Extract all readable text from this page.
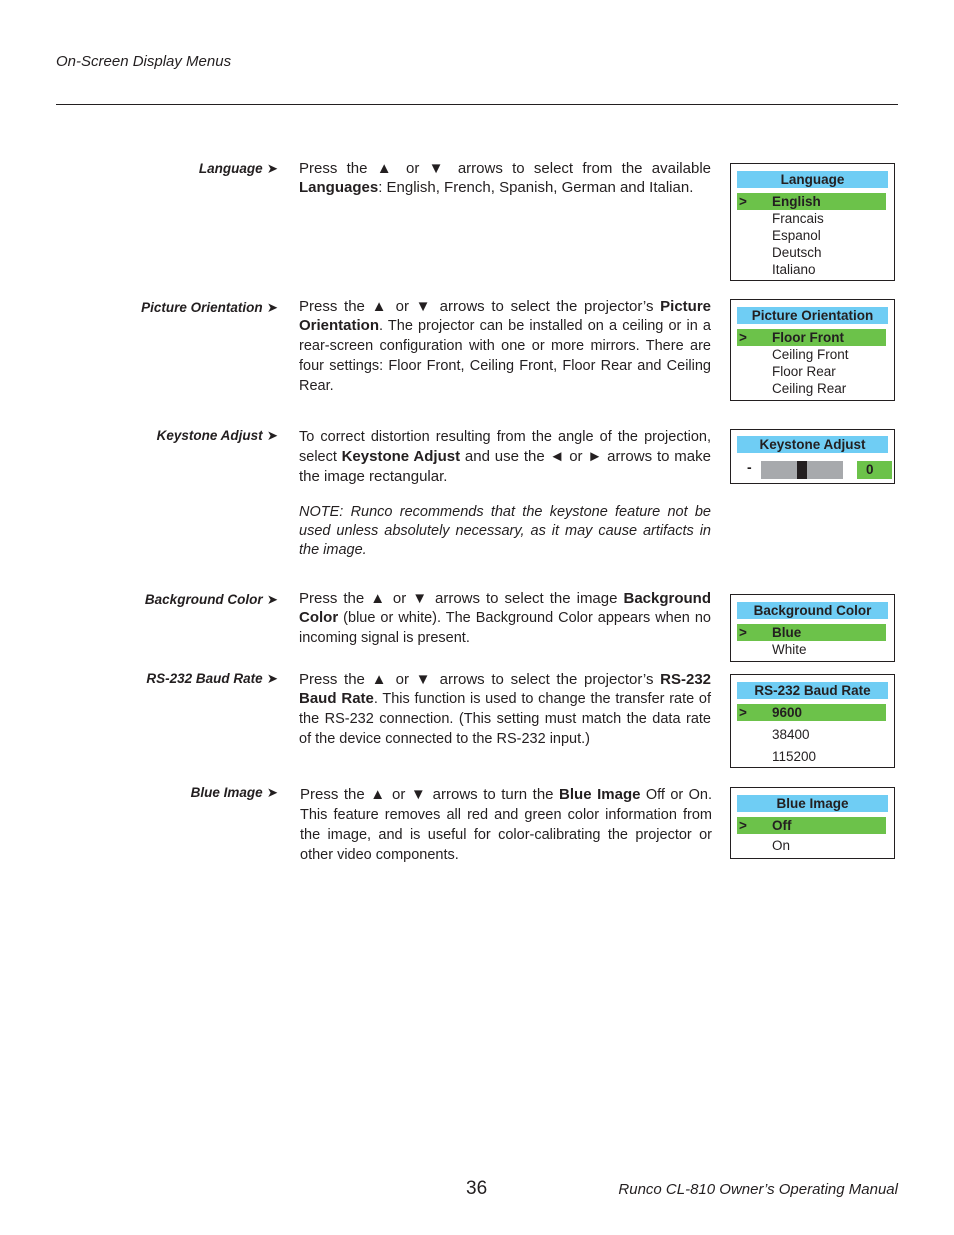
On-Screen Display Menus
Language ➤ Press the ▲ or ▼ arrows to select from the available Languages: English, French, Spanish, German and Italian.	Language
> English
Francais
Espanol
Deutsch
Italiano
Picture Orientation ➤ Press the ▲ or ▼ arrows to select the projector’s Picture Orientation. The projector can be installed on a ceiling or in a rear-screen configuration with one or more mirrors. There are four settings: Floor Front, Ceiling Front, Floor Rear and Ceiling Rear.
Picture Orientation
> Floor Front
Ceiling Front
Floor Rear
Ceiling Rear
Keystone Adjust ➤ To correct distortion resulting from the angle of the projection, select Keystone Adjust and use the ◄ or ► arrows to make the image rectangular.
NOTE: Runco recommends that the keystone feature not be used unless absolutely necessary, as it may cause artifacts in the image.
Keystone Adjust
-	0
Background Color ➤ Press the ▲ or ▼ arrows to select the image Background Color (blue or white). The Background Color appears when no incoming signal is present.
Background Color
> Blue
White
RS-232 Baud Rate ➤ Press the ▲ or ▼ arrows to select the projector’s RS-232 Baud Rate. This function is used to change the transfer rate of the RS-232 connection. (This setting must match the data rate of the device connected to the RS-232 input.)
RS-232 Baud Rate
> 9600
38400
115200
Blue Image ➤ Press the ▲ or ▼ arrows to turn the Blue Image Off or On. This feature removes all red and green color information from the image, and is useful for color-calibrating the projector or other video components.
Blue Image
> Off
On
36	Runco CL-810 Owner’s Operating Manual
